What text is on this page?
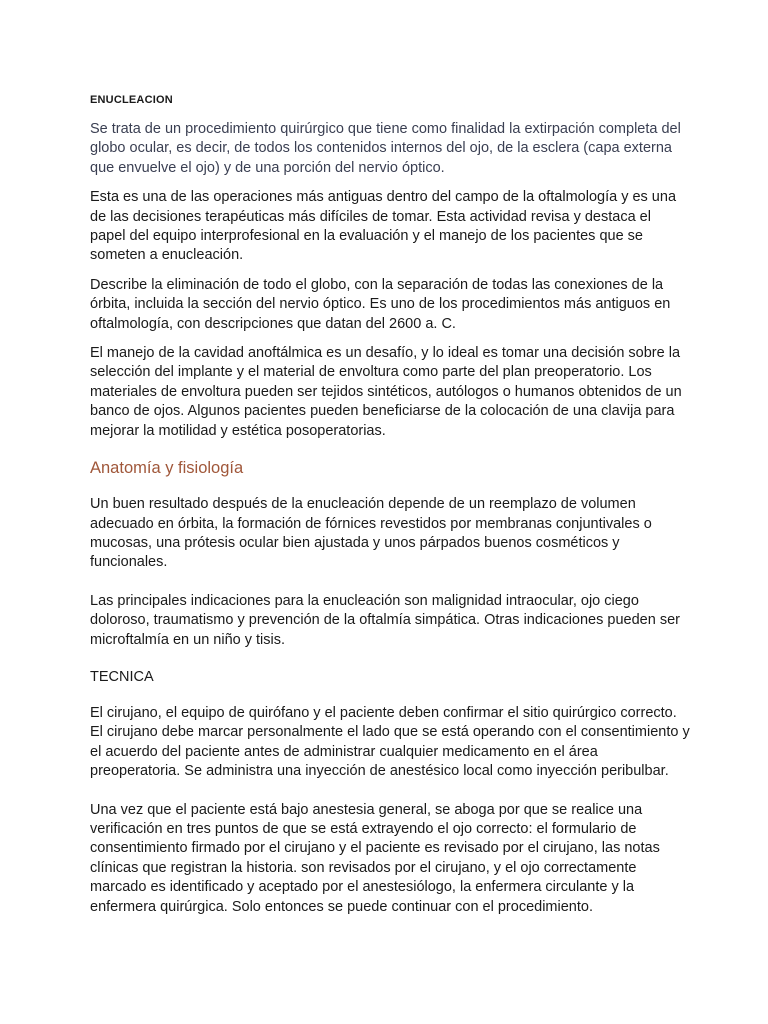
ENUCLEACION

Se trata de un procedimiento quirúrgico que tiene como finalidad la extirpación completa del globo ocular, es decir, de todos los contenidos internos del ojo, de la esclera (capa externa que envuelve el ojo) y de una porción del nervio óptico.

Esta es una de las operaciones más antiguas dentro del campo de la oftalmología y es una de las decisiones terapéuticas más difíciles de tomar. Esta actividad revisa y destaca el papel del equipo interprofesional en la evaluación y el manejo de los pacientes que se someten a enucleación.

Describe la eliminación de todo el globo, con la separación de todas las conexiones de la órbita, incluida la sección del nervio óptico. Es uno de los procedimientos más antiguos en oftalmología, con descripciones que datan del 2600 a. C.

El manejo de la cavidad anoftálmica es un desafío, y lo ideal es tomar una decisión sobre la selección del implante y el material de envoltura como parte del plan preoperatorio. Los materiales de envoltura pueden ser tejidos sintéticos, autólogos o humanos obtenidos de un banco de ojos. Algunos pacientes pueden beneficiarse de la colocación de una clavija para mejorar la motilidad y estética posoperatorias.

Anatomía y fisiología

Un buen resultado después de la enucleación depende de un reemplazo de volumen adecuado en órbita, la formación de fórnices revestidos por membranas conjuntivales o mucosas, una prótesis ocular bien ajustada y unos párpados buenos cosméticos y funcionales.

Las principales indicaciones para la enucleación son malignidad intraocular, ojo ciego doloroso, traumatismo y prevención de la oftalmía simpática. Otras indicaciones pueden ser microftalmía en un niño y tisis.

TECNICA

El cirujano, el equipo de quirófano y el paciente deben confirmar el sitio quirúrgico correcto. El cirujano debe marcar personalmente el lado que se está operando con el consentimiento y el acuerdo del paciente antes de administrar cualquier medicamento en el área preoperatoria. Se administra una inyección de anestésico local como inyección peribulbar.

Una vez que el paciente está bajo anestesia general, se aboga por que se realice una verificación en tres puntos de que se está extrayendo el ojo correcto: el formulario de consentimiento firmado por el cirujano y el paciente es revisado por el cirujano, las notas clínicas que registran la historia. son revisados por el cirujano, y el ojo correctamente marcado es identificado y aceptado por el anestesiólogo, la enfermera circulante y la enfermera quirúrgica. Solo entonces se puede continuar con el procedimiento.
